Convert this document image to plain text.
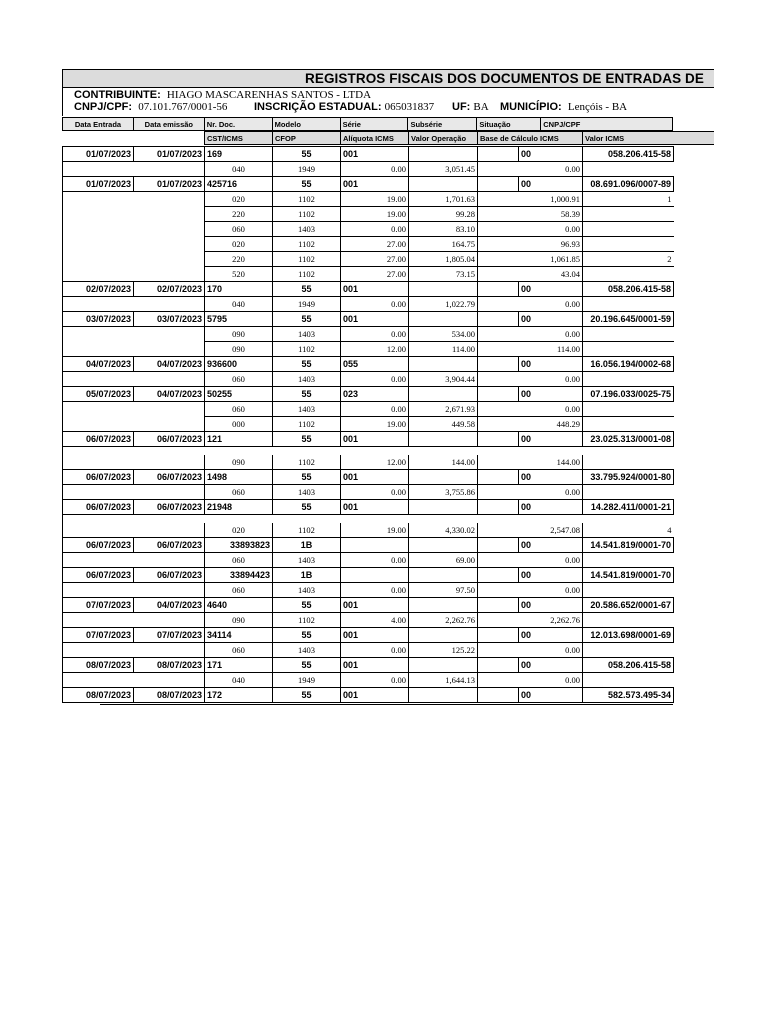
REGISTROS FISCAIS DOS DOCUMENTOS DE ENTRADAS DE
CONTRIBUINTE: HIAGO MASCARENHAS SANTOS - LTDA
CNPJ/CPF: 07.101.767/0001-56 INSCRIÇÃO ESTADUAL: 065031837 UF: BA MUNICÍPIO: Lençóis - BA
Data Entrada	Data emissão	Nr. Doc.	Modelo	Série	Subsérie	Situação	CNPJ/CPF
CST/ICMS	CFOP	Alíquota ICMS	Valor Operação	Base de Cálculo ICMS	Valor ICMS
01/07/2023	01/07/2023	169	55	001			00	058.206.415-58
		040	1949	0.00	3,051.45	0.00		
01/07/2023	01/07/2023	425716	55	001			00	08.691.096/0007-89
		020	1102	19.00	1,701.63	1,000.91		1
		220	1102	19.00	99.28	58.39		
		060	1403	0.00	83.10	0.00		
		020	1102	27.00	164.75	96.93		
		220	1102	27.00	1,805.04	1,061.85		2
		520	1102	27.00	73.15	43.04		
02/07/2023	02/07/2023	170	55	001			00	058.206.415-58
		040	1949	0.00	1,022.79	0.00		
03/07/2023	03/07/2023	5795	55	001			00	20.196.645/0001-59
		090	1403	0.00	534.00	0.00		
		090	1102	12.00	114.00	114.00		
04/07/2023	04/07/2023	936600	55	055			00	16.056.194/0002-68
		060	1403	0.00	3,904.44	0.00		
05/07/2023	04/07/2023	50255	55	023			00	07.196.033/0025-75
		060	1403	0.00	2,671.93	0.00		
		000	1102	19.00	449.58	448.29		
06/07/2023	06/07/2023	121	55	001			00	23.025.313/0001-08

		090	1102	12.00	144.00	144.00		
06/07/2023	06/07/2023	1498	55	001			00	33.795.924/0001-80
		060	1403	0.00	3,755.86	0.00		
06/07/2023	06/07/2023	21948	55	001			00	14.282.411/0001-21

		020	1102	19.00	4,330.02	2,547.08		4
06/07/2023	06/07/2023	33893823	1B				00	14.541.819/0001-70
		060	1403	0.00	69.00	0.00		
06/07/2023	06/07/2023	33894423	1B				00	14.541.819/0001-70
		060	1403	0.00	97.50	0.00		
07/07/2023	04/07/2023	4640	55	001			00	20.586.652/0001-67
		090	1102	4.00	2,262.76	2,262.76		
07/07/2023	07/07/2023	34114	55	001			00	12.013.698/0001-69
		060	1403	0.00	125.22	0.00		
08/07/2023	08/07/2023	171	55	001			00	058.206.415-58
		040	1949	0.00	1,644.13	0.00		
08/07/2023	08/07/2023	172	55	001			00	582.573.495-34
